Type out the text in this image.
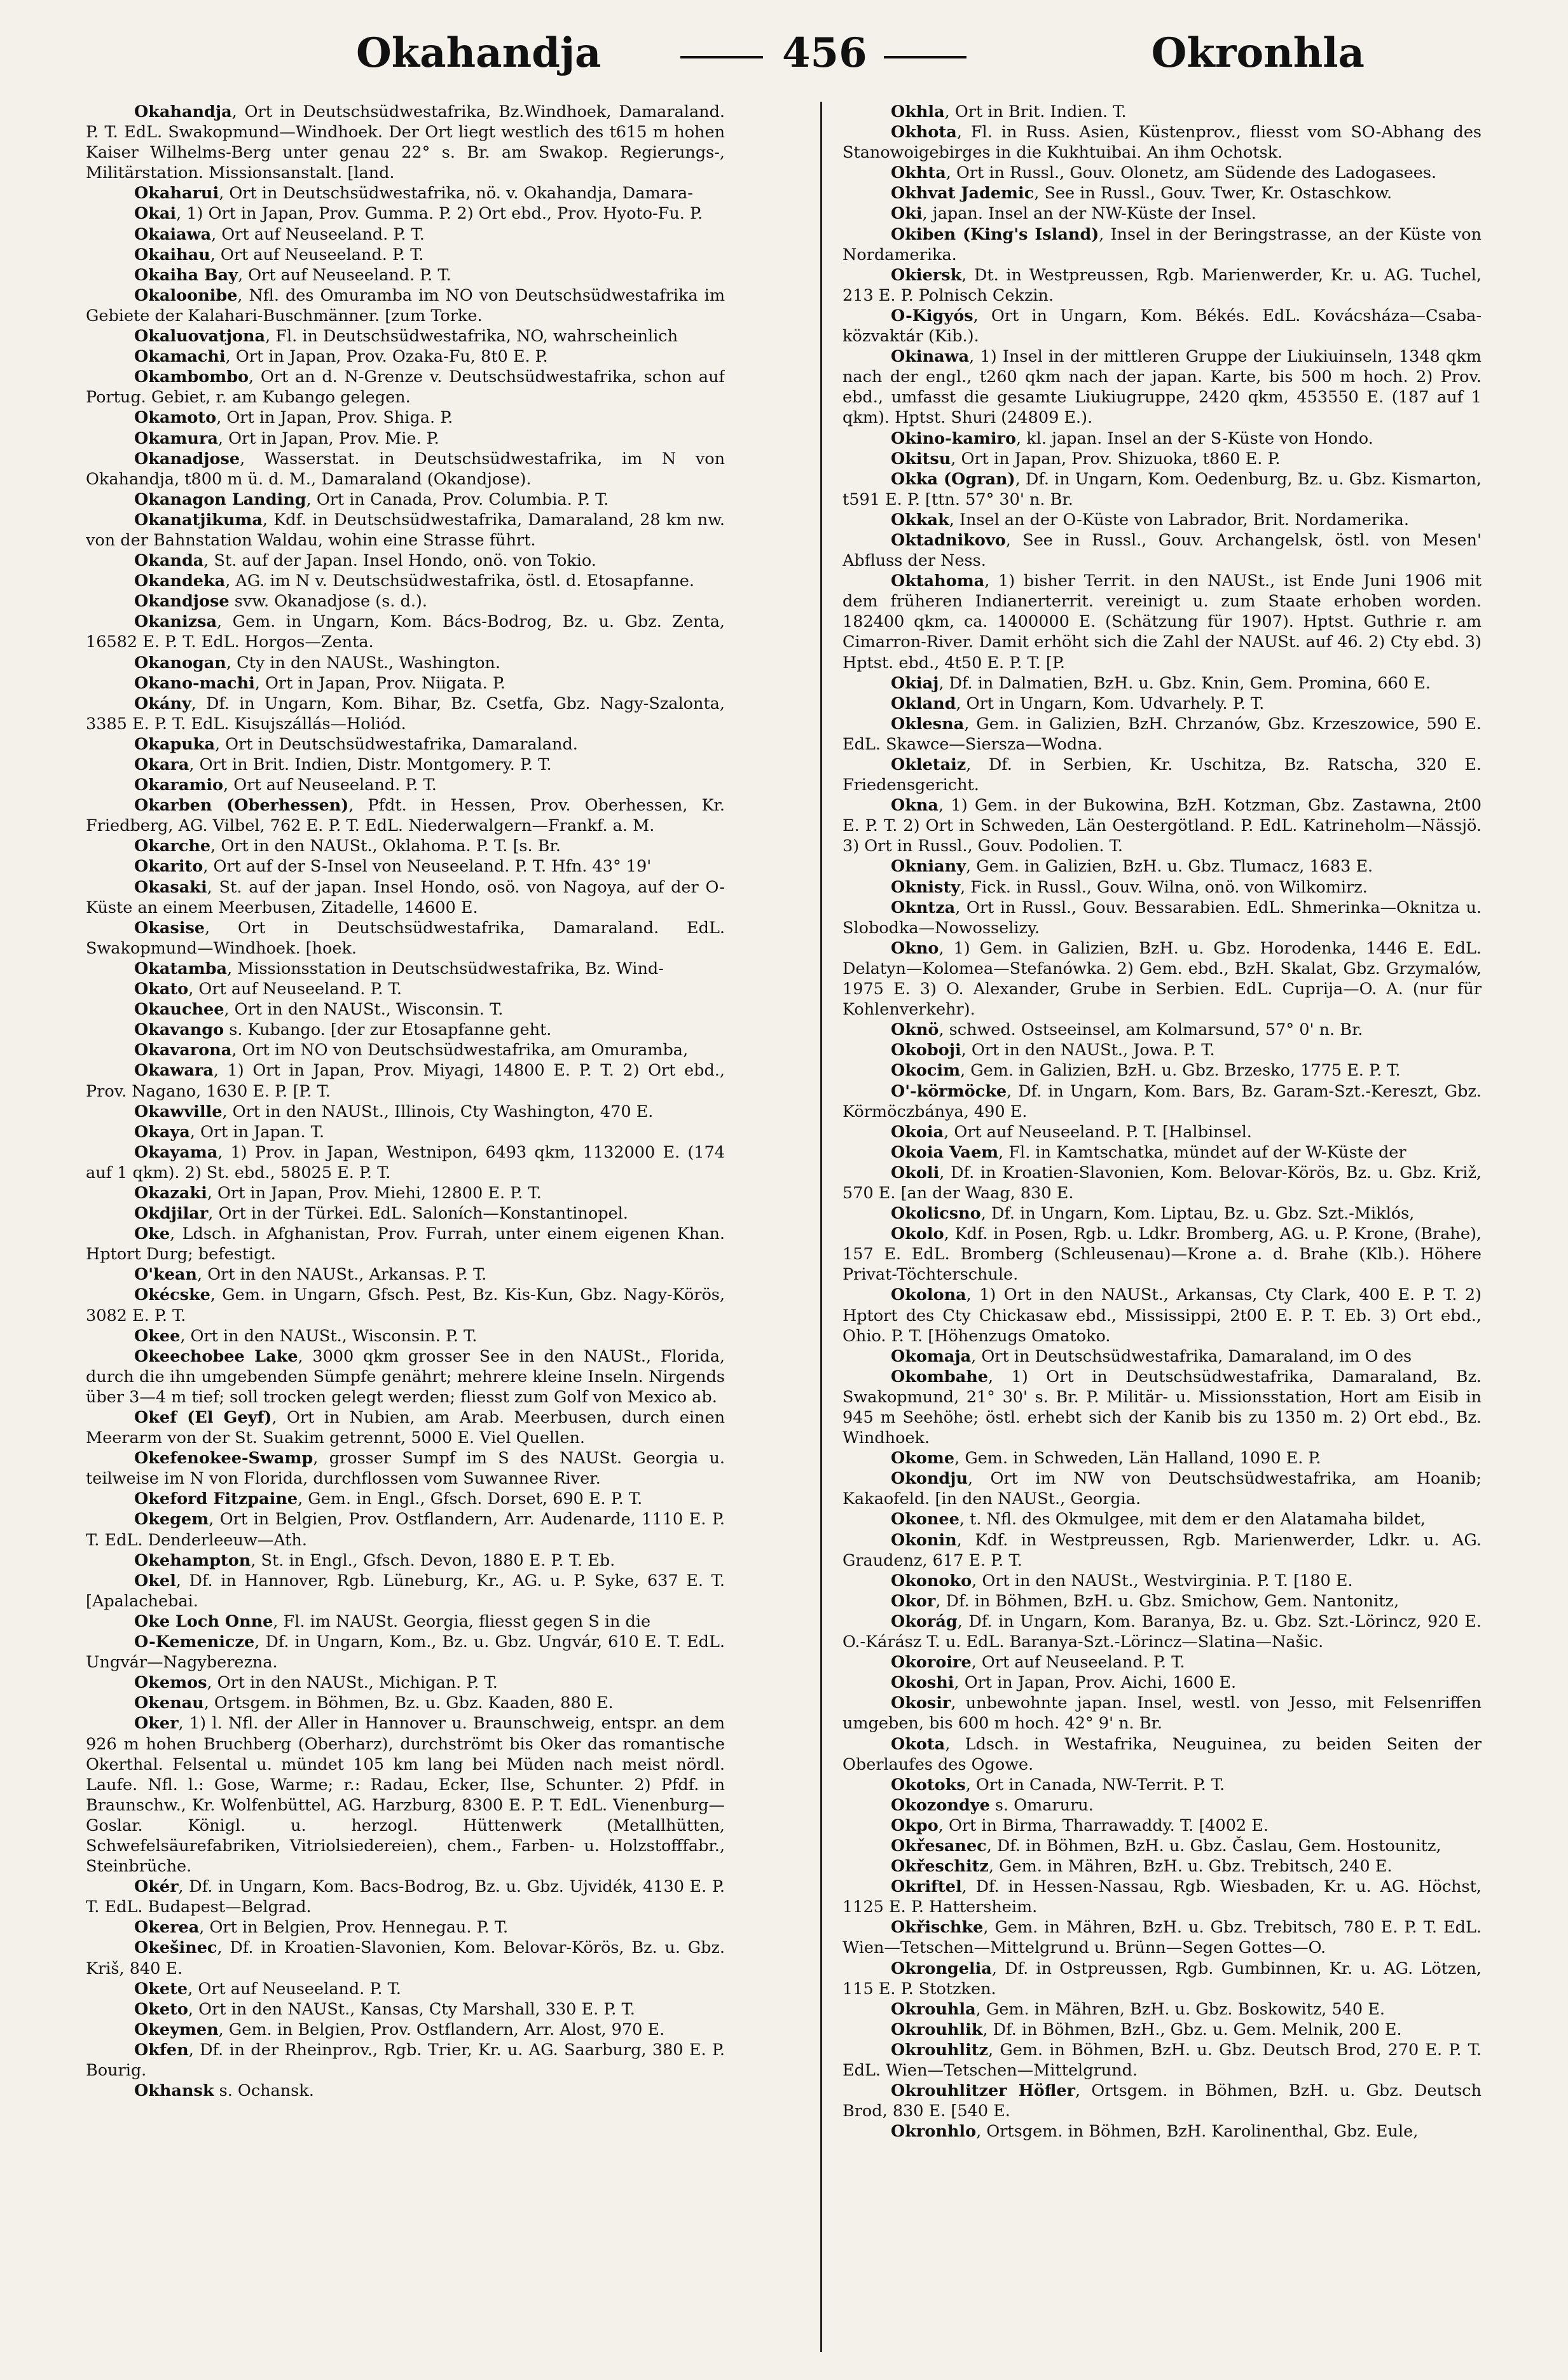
Okahandja	456	Okronhla

Okahandja, Ort in Deutschsüdwestafrika, Bz.Windhoek, Damaraland. P. T. EdL. Swakopmund—Windhoek. Der Ort liegt westlich des t615 m hohen Kaiser Wilhelms-Berg unter genau 22° s. Br. am Swakop. Regierungs-, Militärstation. Missionsanstalt. [land.

Okaharui, Ort in Deutschsüdwestafrika, nö. v. Okahandja, Damara-

Okai, 1) Ort in Japan, Prov. Gumma. P. 2) Ort ebd., Prov. Hyoto-Fu. P.

Okaiawa, Ort auf Neuseeland. P. T.

Okaihau, Ort auf Neuseeland. P. T.

Okaiha Bay, Ort auf Neuseeland. P. T.

Okaloonibe, Nfl. des Omuramba im NO von Deutschsüdwestafrika im Gebiete der Kalahari-Buschmänner. [zum Torke.

Okaluovatjona, Fl. in Deutschsüdwestafrika, NO, wahrscheinlich

Okamachi, Ort in Japan, Prov. Ozaka-Fu, 8t0 E. P.

Okambombo, Ort an d. N-Grenze v. Deutschsüdwestafrika, schon auf Portug. Gebiet, r. am Kubango gelegen.

Okamoto, Ort in Japan, Prov. Shiga. P.

Okamura, Ort in Japan, Prov. Mie. P.

Okanadjose, Wasserstat. in Deutschsüdwestafrika, im N von Okahandja, t800 m ü. d. M., Damaraland (Okandjose).

Okanagon Landing, Ort in Canada, Prov. Columbia. P. T.

Okanatjikuma, Kdf. in Deutschsüdwestafrika, Damaraland, 28 km nw. von der Bahnstation Waldau, wohin eine Strasse führt.

Okanda, St. auf der Japan. Insel Hondo, onö. von Tokio.

Okandeka, AG. im N v. Deutschsüdwestafrika, östl. d. Etosapfanne.

Okandjose svw. Okanadjose (s. d.).

Okanizsa, Gem. in Ungarn, Kom. Bács-Bodrog, Bz. u. Gbz. Zenta, 16582 E. P. T. EdL. Horgos—Zenta.

Okanogan, Cty in den NAUSt., Washington.

Okano-machi, Ort in Japan, Prov. Niigata. P.

Okány, Df. in Ungarn, Kom. Bihar, Bz. Csetfa, Gbz. Nagy-Szalonta, 3385 E. P. T. EdL. Kisujszállás—Holiód.

Okapuka, Ort in Deutschsüdwestafrika, Damaraland.

Okara, Ort in Brit. Indien, Distr. Montgomery. P. T.

Okaramio, Ort auf Neuseeland. P. T.

Okarben (Oberhessen), Pfdt. in Hessen, Prov. Oberhessen, Kr. Friedberg, AG. Vilbel, 762 E. P. T. EdL. Niederwalgern—Frankf. a. M.

Okarche, Ort in den NAUSt., Oklahoma. P. T. [s. Br.

Okarito, Ort auf der S-Insel von Neuseeland. P. T. Hfn. 43° 19'

Okasaki, St. auf der japan. Insel Hondo, osö. von Nagoya, auf der O-Küste an einem Meerbusen, Zitadelle, 14600 E.

Okasise, Ort in Deutschsüdwestafrika, Damaraland. EdL. Swakopmund—Windhoek. [hoek.

Okatamba, Missionsstation in Deutschsüdwestafrika, Bz. Wind-

Okato, Ort auf Neuseeland. P. T.

Okauchee, Ort in den NAUSt., Wisconsin. T.

Okavango s. Kubango. [der zur Etosapfanne geht.

Okavarona, Ort im NO von Deutschsüdwestafrika, am Omuramba,

Okawara, 1) Ort in Japan, Prov. Miyagi, 14800 E. P. T. 2) Ort ebd., Prov. Nagano, 1630 E. P. [P. T.

Okawville, Ort in den NAUSt., Illinois, Cty Washington, 470 E.

Okaya, Ort in Japan. T.

Okayama, 1) Prov. in Japan, Westnipon, 6493 qkm, 1132000 E. (174 auf 1 qkm). 2) St. ebd., 58025 E. P. T.

Okazaki, Ort in Japan, Prov. Miehi, 12800 E. P. T.

Okdjilar, Ort in der Türkei. EdL. Saloních—Konstantinopel.

Oke, Ldsch. in Afghanistan, Prov. Furrah, unter einem eigenen Khan. Hptort Durg; befestigt.

O'kean, Ort in den NAUSt., Arkansas. P. T.

Okécske, Gem. in Ungarn, Gfsch. Pest, Bz. Kis-Kun, Gbz. Nagy-Körös, 3082 E. P. T.

Okee, Ort in den NAUSt., Wisconsin. P. T.

Okeechobee Lake, 3000 qkm grosser See in den NAUSt., Florida, durch die ihn umgebenden Sümpfe genährt; mehrere kleine Inseln. Nirgends über 3—4 m tief; soll trocken gelegt werden; fliesst zum Golf von Mexico ab.

Okef (El Geyf), Ort in Nubien, am Arab. Meerbusen, durch einen Meerarm von der St. Suakim getrennt, 5000 E. Viel Quellen.

Okefenokee-Swamp, grosser Sumpf im S des NAUSt. Georgia u. teilweise im N von Florida, durchflossen vom Suwannee River.

Okeford Fitzpaine, Gem. in Engl., Gfsch. Dorset, 690 E. P. T.

Okegem, Ort in Belgien, Prov. Ostflandern, Arr. Audenarde, 1110 E. P. T. EdL. Denderleeuw—Ath.

Okehampton, St. in Engl., Gfsch. Devon, 1880 E. P. T. Eb.

Okel, Df. in Hannover, Rgb. Lüneburg, Kr., AG. u. P. Syke, 637 E. T. [Apalachebai.

Oke Loch Onne, Fl. im NAUSt. Georgia, fliesst gegen S in die

O-Kemenicze, Df. in Ungarn, Kom., Bz. u. Gbz. Ungvár, 610 E. T. EdL. Ungvár—Nagyberezna.

Okemos, Ort in den NAUSt., Michigan. P. T.

Okenau, Ortsgem. in Böhmen, Bz. u. Gbz. Kaaden, 880 E.

Oker, 1) l. Nfl. der Aller in Hannover u. Braunschweig, entspr. an dem 926 m hohen Bruchberg (Oberharz), durchströmt bis Oker das romantische Okerthal. Felsental u. mündet 105 km lang bei Müden nach meist nördl. Laufe. Nfl. l.: Gose, Warme; r.: Radau, Ecker, Ilse, Schunter. 2) Pfdf. in Braunschw., Kr. Wolfenbüttel, AG. Harzburg, 8300 E. P. T. EdL. Vienenburg—Goslar. Königl. u. herzogl. Hüttenwerk (Metallhütten, Schwefelsäurefabriken, Vitriolsiedereien), chem., Farben- u. Holzstofffabr., Steinbrüche.

Okér, Df. in Ungarn, Kom. Bacs-Bodrog, Bz. u. Gbz. Ujvidék, 4130 E. P. T. EdL. Budapest—Belgrad.

Okerea, Ort in Belgien, Prov. Hennegau. P. T.

Okešinec, Df. in Kroatien-Slavonien, Kom. Belovar-Körös, Bz. u. Gbz. Kriš, 840 E.

Okete, Ort auf Neuseeland. P. T.

Oketo, Ort in den NAUSt., Kansas, Cty Marshall, 330 E. P. T.

Okeymen, Gem. in Belgien, Prov. Ostflandern, Arr. Alost, 970 E.

Okfen, Df. in der Rheinprov., Rgb. Trier, Kr. u. AG. Saarburg, 380 E. P. Bourig.

Okhansk s. Ochansk.

Okhla, Ort in Brit. Indien. T.

Okhota, Fl. in Russ. Asien, Küstenprov., fliesst vom SO-Abhang des Stanowoigebirges in die Kukhtuibai. An ihm Ochotsk.

Okhta, Ort in Russl., Gouv. Olonetz, am Südende des Ladogasees.

Okhvat Jademic, See in Russl., Gouv. Twer, Kr. Ostaschkow.

Oki, japan. Insel an der NW-Küste der Insel.

Okiben (King's Island), Insel in der Beringstrasse, an der Küste von Nordamerika.

Okiersk, Dt. in Westpreussen, Rgb. Marienwerder, Kr. u. AG. Tuchel, 213 E. P. Polnisch Cekzin.

O-Kigyós, Ort in Ungarn, Kom. Békés. EdL. Kovácsháza—Csaba-közvaktár (Kib.).

Okinawa, 1) Insel in der mittleren Gruppe der Liukiuinseln, 1348 qkm nach der engl., t260 qkm nach der japan. Karte, bis 500 m hoch. 2) Prov. ebd., umfasst die gesamte Liukiugruppe, 2420 qkm, 453550 E. (187 auf 1 qkm). Hptst. Shuri (24809 E.).

Okino-kamiro, kl. japan. Insel an der S-Küste von Hondo.

Okitsu, Ort in Japan, Prov. Shizuoka, t860 E. P.

Okka (Ogran), Df. in Ungarn, Kom. Oedenburg, Bz. u. Gbz. Kismarton, t591 E. P. [ttn. 57° 30' n. Br.

Okkak, Insel an der O-Küste von Labrador, Brit. Nordamerika.

Oktadnikovo, See in Russl., Gouv. Archangelsk, östl. von Mesen' Abfluss der Ness.

Oktahoma, 1) bisher Territ. in den NAUSt., ist Ende Juni 1906 mit dem früheren Indianerterrit. vereinigt u. zum Staate erhoben worden. 182400 qkm, ca. 1400000 E. (Schätzung für 1907). Hptst. Guthrie r. am Cimarron-River. Damit erhöht sich die Zahl der NAUSt. auf 46. 2) Cty ebd. 3) Hptst. ebd., 4t50 E. P. T. [P.

Okiaj, Df. in Dalmatien, BzH. u. Gbz. Knin, Gem. Promina, 660 E.

Okland, Ort in Ungarn, Kom. Udvarhely. P. T.

Oklesna, Gem. in Galizien, BzH. Chrzanów, Gbz. Krzeszowice, 590 E. EdL. Skawce—Siersza—Wodna.

Okletaiz, Df. in Serbien, Kr. Uschitza, Bz. Ratscha, 320 E. Friedensgericht.

Okna, 1) Gem. in der Bukowina, BzH. Kotzman, Gbz. Zastawna, 2t00 E. P. T. 2) Ort in Schweden, Län Oestergötland. P. EdL. Katrineholm—Nässjö. 3) Ort in Russl., Gouv. Podolien. T.

Okniany, Gem. in Galizien, BzH. u. Gbz. Tlumacz, 1683 E.

Oknisty, Fick. in Russl., Gouv. Wilna, onö. von Wilkomirz.

Okntza, Ort in Russl., Gouv. Bessarabien. EdL. Shmerinka—Oknitza u. Slobodka—Nowosselizy.

Okno, 1) Gem. in Galizien, BzH. u. Gbz. Horodenka, 1446 E. EdL. Delatyn—Kolomea—Stefanówka. 2) Gem. ebd., BzH. Skalat, Gbz. Grzymalów, 1975 E. 3) O. Alexander, Grube in Serbien. EdL. Cuprija—O. A. (nur für Kohlenverkehr).

Oknö, schwed. Ostseeinsel, am Kolmarsund, 57° 0' n. Br.

Okoboji, Ort in den NAUSt., Jowa. P. T.

Okocim, Gem. in Galizien, BzH. u. Gbz. Brzesko, 1775 E. P. T.

O'-körmöcke, Df. in Ungarn, Kom. Bars, Bz. Garam-Szt.-Kereszt, Gbz. Körmöczbánya, 490 E.

Okoia, Ort auf Neuseeland. P. T. [Halbinsel.

Okoia Vaem, Fl. in Kamtschatka, mündet auf der W-Küste der

Okoli, Df. in Kroatien-Slavonien, Kom. Belovar-Körös, Bz. u. Gbz. Križ, 570 E. [an der Waag, 830 E.

Okolicsno, Df. in Ungarn, Kom. Liptau, Bz. u. Gbz. Szt.-Miklós,

Okolo, Kdf. in Posen, Rgb. u. Ldkr. Bromberg, AG. u. P. Krone, (Brahe), 157 E. EdL. Bromberg (Schleusenau)—Krone a. d. Brahe (Klb.). Höhere Privat-Töchterschule.

Okolona, 1) Ort in den NAUSt., Arkansas, Cty Clark, 400 E. P. T. 2) Hptort des Cty Chickasaw ebd., Mississippi, 2t00 E. P. T. Eb. 3) Ort ebd., Ohio. P. T. [Höhenzugs Omatoko.

Okomaja, Ort in Deutschsüdwestafrika, Damaraland, im O des

Okombahe, 1) Ort in Deutschsüdwestafrika, Damaraland, Bz. Swakopmund, 21° 30' s. Br. P. Militär- u. Missionsstation, Hort am Eisib in 945 m Seehöhe; östl. erhebt sich der Kanib bis zu 1350 m. 2) Ort ebd., Bz. Windhoek.

Okome, Gem. in Schweden, Län Halland, 1090 E. P.

Okondju, Ort im NW von Deutschsüdwestafrika, am Hoanib; Kakaofeld. [in den NAUSt., Georgia.

Okonee, t. Nfl. des Okmulgee, mit dem er den Alatamaha bildet,

Okonin, Kdf. in Westpreussen, Rgb. Marienwerder, Ldkr. u. AG. Graudenz, 617 E. P. T.

Okonoko, Ort in den NAUSt., Westvirginia. P. T. [180 E.

Okor, Df. in Böhmen, BzH. u. Gbz. Smichow, Gem. Nantonitz,

Okorág, Df. in Ungarn, Kom. Baranya, Bz. u. Gbz. Szt.-Lörincz, 920 E. O.-Kárász T. u. EdL. Baranya-Szt.-Lörincz—Slatina—Našic.

Okoroire, Ort auf Neuseeland. P. T.

Okoshi, Ort in Japan, Prov. Aichi, 1600 E.

Okosir, unbewohnte japan. Insel, westl. von Jesso, mit Felsenriffen umgeben, bis 600 m hoch. 42° 9' n. Br.

Okota, Ldsch. in Westafrika, Neuguinea, zu beiden Seiten der Oberlaufes des Ogowe.

Okotoks, Ort in Canada, NW-Territ. P. T.

Okozondye s. Omaruru.

Okpo, Ort in Birma, Tharrawaddy. T. [4002 E.

Okřesanec, Df. in Böhmen, BzH. u. Gbz. Časlau, Gem. Hostounitz,

Okřeschitz, Gem. in Mähren, BzH. u. Gbz. Trebitsch, 240 E.

Okriftel, Df. in Hessen-Nassau, Rgb. Wiesbaden, Kr. u. AG. Höchst, 1125 E. P. Hattersheim.

Okřischke, Gem. in Mähren, BzH. u. Gbz. Trebitsch, 780 E. P. T. EdL. Wien—Tetschen—Mittelgrund u. Brünn—Segen Gottes—O.

Okrongelia, Df. in Ostpreussen, Rgb. Gumbinnen, Kr. u. AG. Lötzen, 115 E. P. Stotzken.

Okrouhla, Gem. in Mähren, BzH. u. Gbz. Boskowitz, 540 E.

Okrouhlik, Df. in Böhmen, BzH., Gbz. u. Gem. Melnik, 200 E.

Okrouhlitz, Gem. in Böhmen, BzH. u. Gbz. Deutsch Brod, 270 E. P. T. EdL. Wien—Tetschen—Mittelgrund.

Okrouhlitzer Höfler, Ortsgem. in Böhmen, BzH. u. Gbz. Deutsch Brod, 830 E. [540 E.

Okronhlo, Ortsgem. in Böhmen, BzH. Karolinenthal, Gbz. Eule,
